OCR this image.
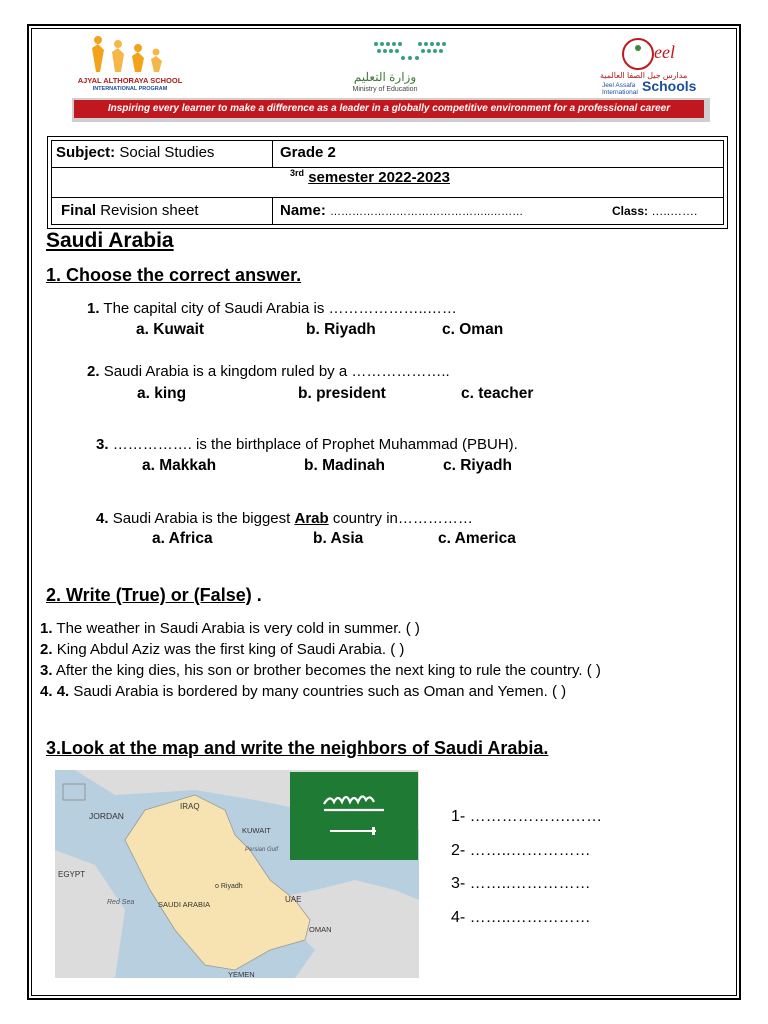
AJYAL ALTHORAYA SCHOOL
INTERNATIONAL PROGRAM
وزارة التعليم
Ministry of Education
eel
مدارس جيل الصفا العالمية
Jeel Assafa
International Schools
Inspiring every learner to make a difference as a leader in a globally competitive environment for a professional career
Subject: Social Studies	Grade 2
$^{3rd}$ semester 2022-2023
Final Revision sheet	Name: ……………………………………..………	Class: …..…….
Saudi Arabia
1. Choose the correct answer.
1. The capital city of Saudi Arabia is ………………..……
a. Kuwait	b. Riyadh	c. Oman
2. Saudi Arabia is a kingdom ruled by a ………………..
a. king	b. president	c. teacher
3. ……………. is the birthplace of Prophet Muhammad (PBUH).
a. Makkah	b. Madinah	c. Riyadh
4. Saudi Arabia is the biggest Arab country in……………
a. Africa	b. Asia	c. America
2. Write (True) or (False) .
1. The weather in Saudi Arabia is very cold in summer. ( )
2. King Abdul Aziz was the first king of Saudi Arabia. ( )
3. After the king dies, his son or brother becomes the next king to rule the country. ( )
4. 4. Saudi Arabia is bordered by many countries such as Oman and Yemen. ( )
3.Look at the map and write the neighbors of Saudi Arabia.
IRAQ
JORDAN
KUWAIT
Persian Gulf
EGYPT
o Riyadh
Red Sea	SAUDI ARABIA
UAE
OMAN
YEMEN
1- ……………….……
2- ……..……………
3- ……..……………
4- ……..……………
